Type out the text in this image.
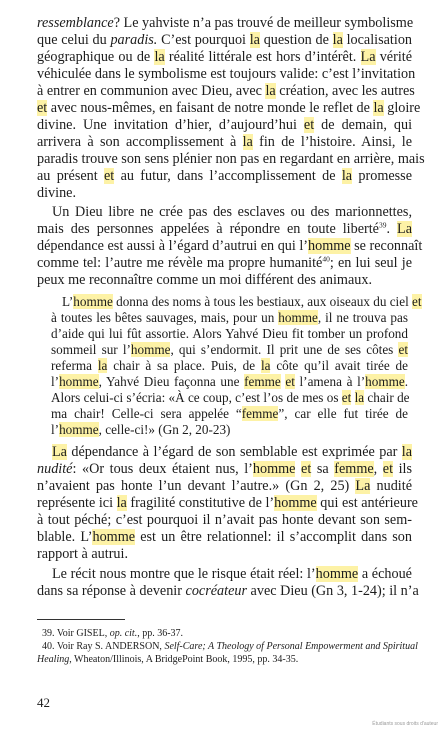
ressemblance? Le yahviste n’a pas trouvé de meilleur symbolisme

que celui du paradis. C’est pourquoi la question de la localisation

géographique ou de la réalité littérale est hors d’intérêt. La vérité

véhiculée dans le symbolisme est toujours valide: c’est l’invitation

à entrer en communion avec Dieu, avec la création, avec les autres

et avec nous-mêmes, en faisant de notre monde le reflet de la gloire

divine. Une invitation d’hier, d’aujourd’hui et de demain, qui

arrivera à son accomplissement à la fin de l’histoire. Ainsi, le

paradis trouve son sens plénier non pas en regardant en arrière, mais

au présent et au futur, dans l’accomplissement de la promesse

divine.

Un Dieu libre ne crée pas des esclaves ou des marionnettes,

mais des personnes appelées à répondre en toute liberté$^{39}$. La

dépendance est aussi à l’égard d’autrui en qui l’homme se reconnaît

comme tel: l’autre me révèle ma propre humanité$^{40}$; en lui seul je

peux me reconnaître comme un moi différent des animaux.

L’homme donna des noms à tous les bestiaux, aux oiseaux du ciel et

à toutes les bêtes sauvages, mais, pour un homme, il ne trouva pas

d’aide qui lui fût assortie. Alors Yahvé Dieu fit tomber un profond

sommeil sur l’homme, qui s’endormit. Il prit une de ses côtes et

referma la chair à sa place. Puis, de la côte qu’il avait tirée de

l’homme, Yahvé Dieu façonna une femme et l’amena à l’homme.

Alors celui-ci s’écria: «À ce coup, c’est l’os de mes os et la chair de

ma chair! Celle-ci sera appelée “femme”, car elle fut tirée de

l’homme, celle-ci!» (Gn 2, 20-23)

La dépendance à l’égard de son semblable est exprimée par la

nudité: «Or tous deux étaient nus, l’homme et sa femme, et ils

n’avaient pas honte l’un devant l’autre.» (Gn 2, 25) La nudité

représente ici la fragilité constitutive de l’homme qui est antérieure

à tout péché; c’est pourquoi il n’avait pas honte devant son sem-

blable. L’homme est un être relationnel: il s’accomplit dans son

rapport à autrui.

Le récit nous montre que le risque était réel: l’homme a échoué

dans sa réponse à devenir cocréateur avec Dieu (Gn 3, 1-24); il n’a

39. Voir GISEL, op. cit., pp. 36-37.

40. Voir Ray S. ANDERSON, Self-Care; A Theology of Personal Empowerment and Spiritual

Healing, Wheaton/Illinois, A BridgePoint Book, 1995, pp. 34-35.

42
Étudiants sous droits d'auteur
